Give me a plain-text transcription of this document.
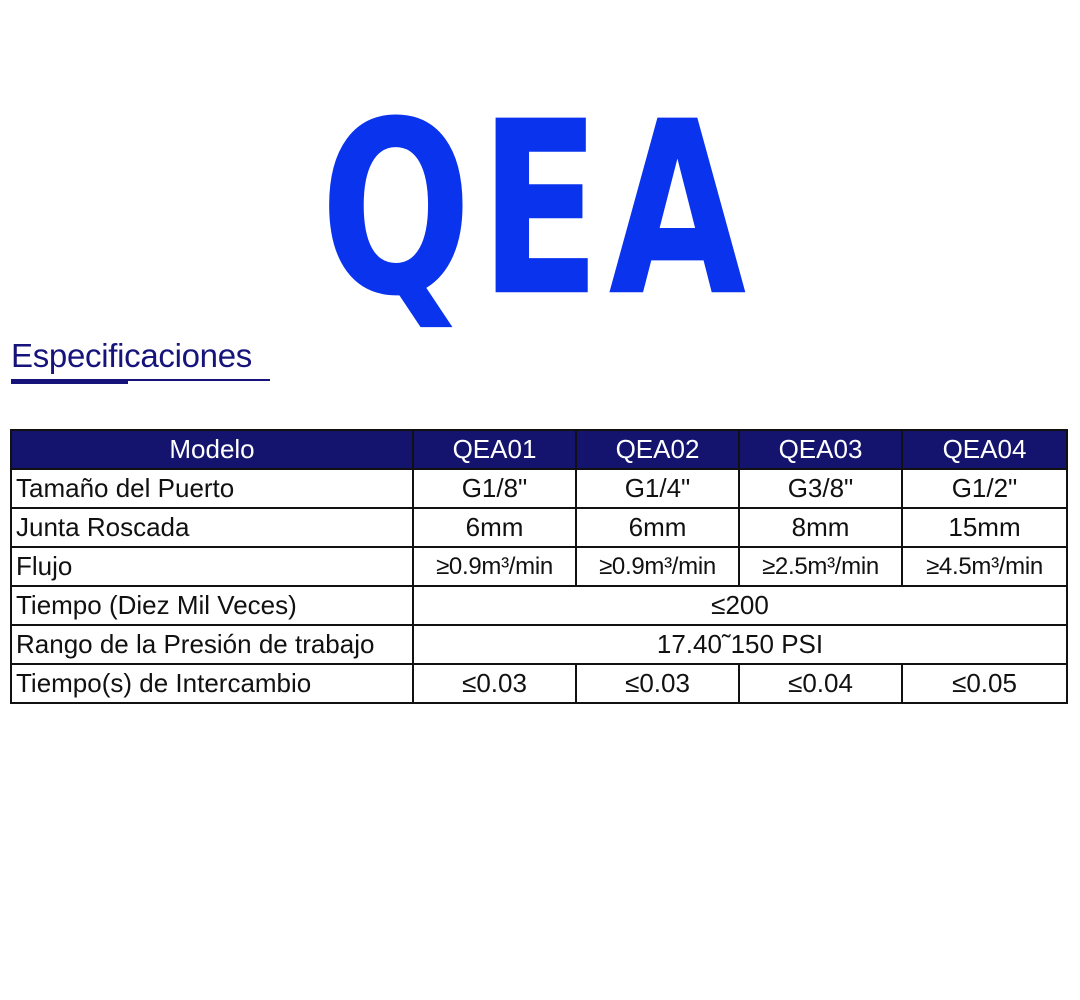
QEA
Especificaciones
Modelo	QEA01	QEA02	QEA03	QEA04
Tamaño del Puerto	G1/8"	G1/4"	G3/8"	G1/2"
Junta Roscada	6mm	6mm	8mm	15mm
Flujo	≥0.9m³/min	≥0.9m³/min	≥2.5m³/min	≥4.5m³/min
Tiempo (Diez Mil Veces)	≤200			
Rango de la Presión de trabajo	17.40˜150 PSI			
Tiempo(s) de Intercambio	≤0.03	≤0.03	≤0.04	≤0.05
